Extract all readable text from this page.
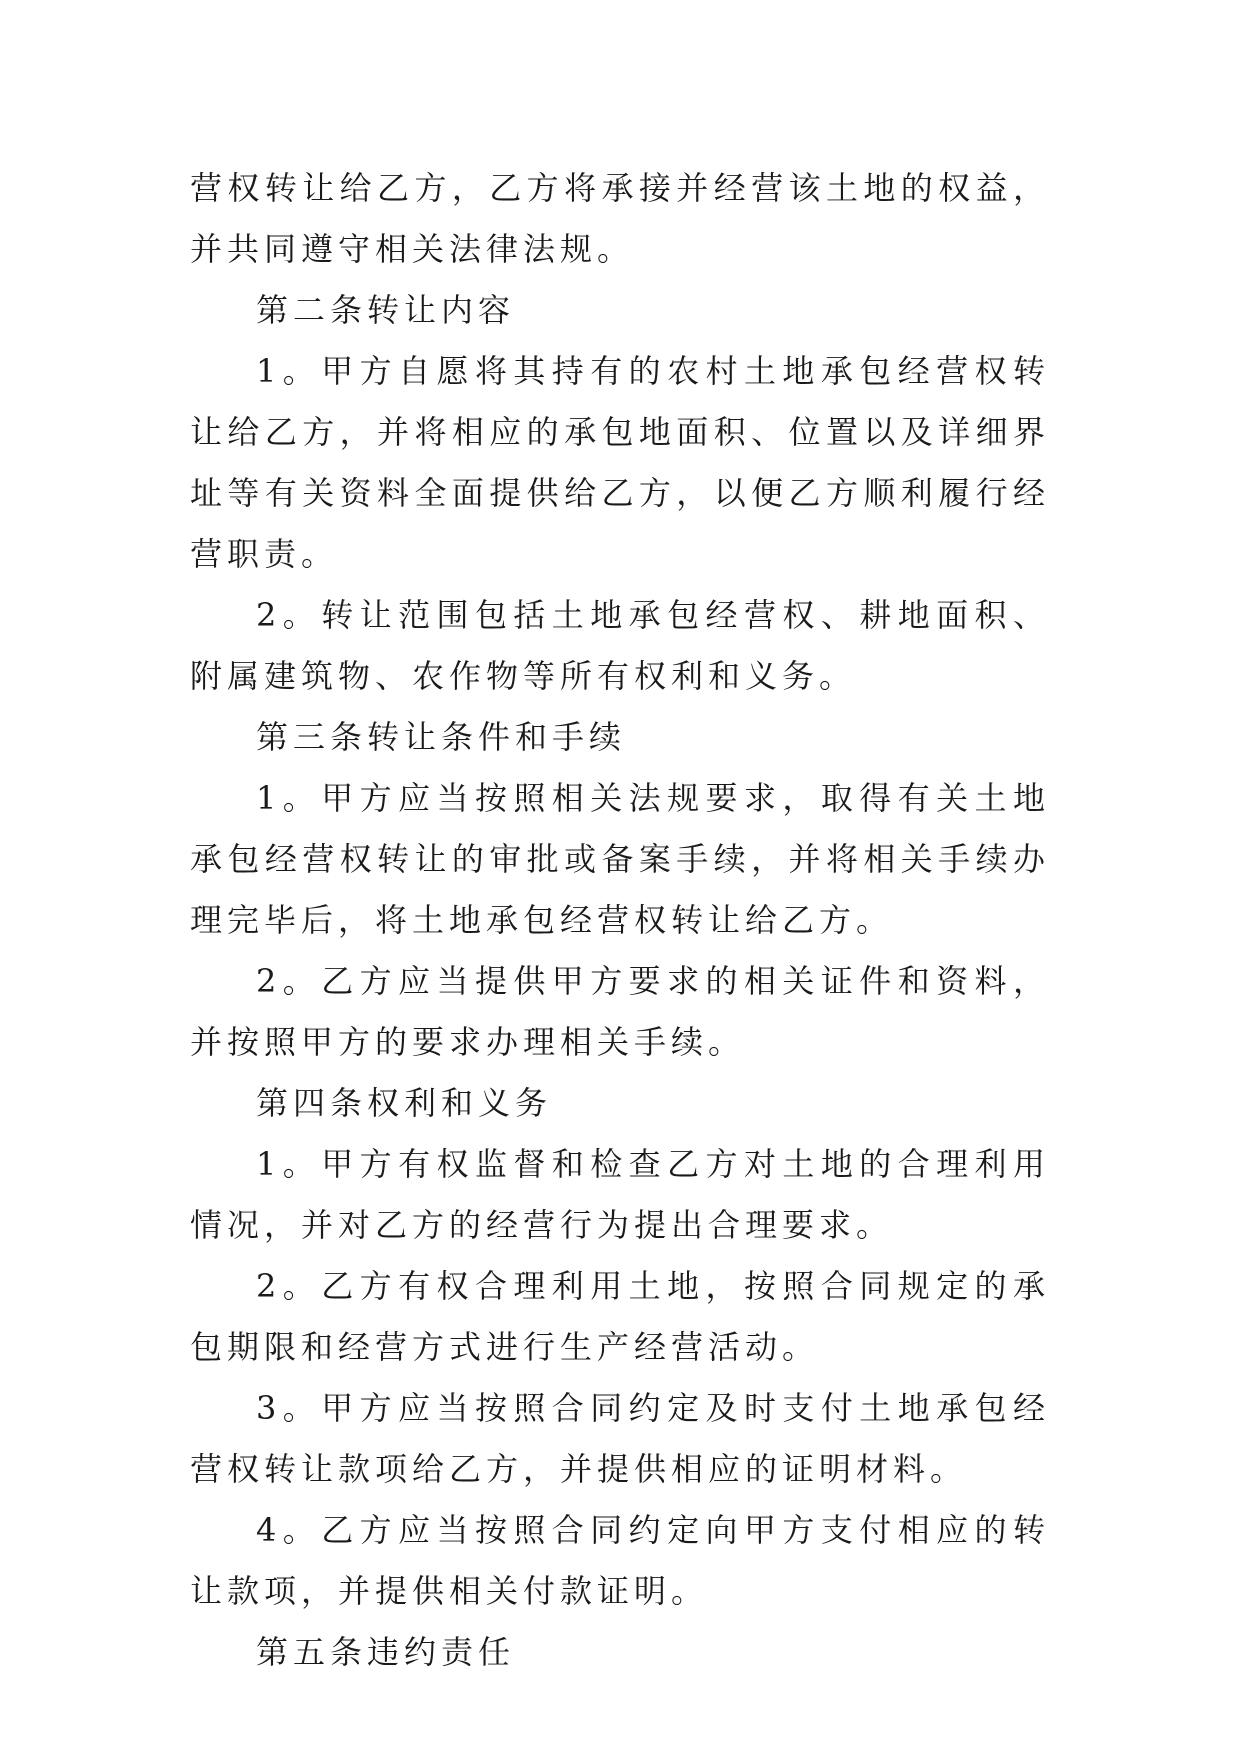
营权转让给乙方，乙方将承接并经营该土地的权益，并共同遵守相关法律法规。

第二条转让内容

1。甲方自愿将其持有的农村土地承包经营权转让给乙方，并将相应的承包地面积、位置以及详细界址等有关资料全面提供给乙方，以便乙方顺利履行经营职责。

2。转让范围包括土地承包经营权、耕地面积、附属建筑物、农作物等所有权利和义务。

第三条转让条件和手续

1。甲方应当按照相关法规要求，取得有关土地承包经营权转让的审批或备案手续，并将相关手续办理完毕后，将土地承包经营权转让给乙方。

2。乙方应当提供甲方要求的相关证件和资料，并按照甲方的要求办理相关手续。

第四条权利和义务

1。甲方有权监督和检查乙方对土地的合理利用情况，并对乙方的经营行为提出合理要求。

2。乙方有权合理利用土地，按照合同规定的承包期限和经营方式进行生产经营活动。

3。甲方应当按照合同约定及时支付土地承包经营权转让款项给乙方，并提供相应的证明材料。

4。乙方应当按照合同约定向甲方支付相应的转让款项，并提供相关付款证明。

第五条违约责任
